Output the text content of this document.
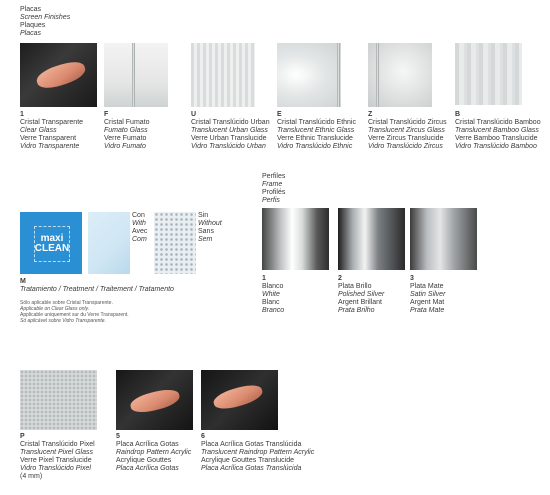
Placas
Screen Finishes
Plaques
Placas
1
Cristal Transparente
Clear Glass
Verre Transparent
Vidro Transparente
F
Cristal Fumato
Fumato Glass
Verre Fumato
Vidro Fumato
U
Cristal Translúcido Urban
Translucent Urban Glass
Verre Urban Translucide
Vidro Translúcido Urban
E
Cristal Translúcido Ethnic
Translucent Ethnic Glass
Verre Ethnic Translucide
Vidro Translúcido Ethnic
Z
Cristal Translúcido Zircus
Translucent Zircus Glass
Verre Zircus Translucide
Vidro Translúcido Zircus
B
Cristal Translúcido Bamboo
Translucent Bamboo Glass
Verre Bamboo Translucide
Vidro Translúcido Bamboo
maxi
CLEAN
Con
With
Avec
Com
Sin
Without
Sans
Sem
M
Tratamiento / Treatment / Traitement / Tratamento
Sólo aplicable sobre Cristal Transparente.
Applicable on Clear Glass only.
Applicable uniquement sur du Verre Transparent.
Só aplicável sobre Vidro Transparente.
Perfiles
Frame
Profilés
Perfis
1
Blanco
White
Blanc
Branco
2
Plata Brillo
Polished Silver
Argent Brillant
Prata Brilho
3
Plata Mate
Satin Silver
Argent Mat
Prata Mate
P
Cristal Translúcido Pixel
Translucent Pixel Glass
Verre Pixel Translucide
Vidro Translúcido Pixel
(4 mm)
5
Placa Acrílica Gotas
Raindrop Pattern Acrylic
Acrylique Gouttes
Placa Acrílica Gotas
6
Placa Acrílica Gotas Translúcida
Translucent Raindrop Pattern Acrylic
Acrylique Gouttes Translucide
Placa Acrílica Gotas Translúcida
